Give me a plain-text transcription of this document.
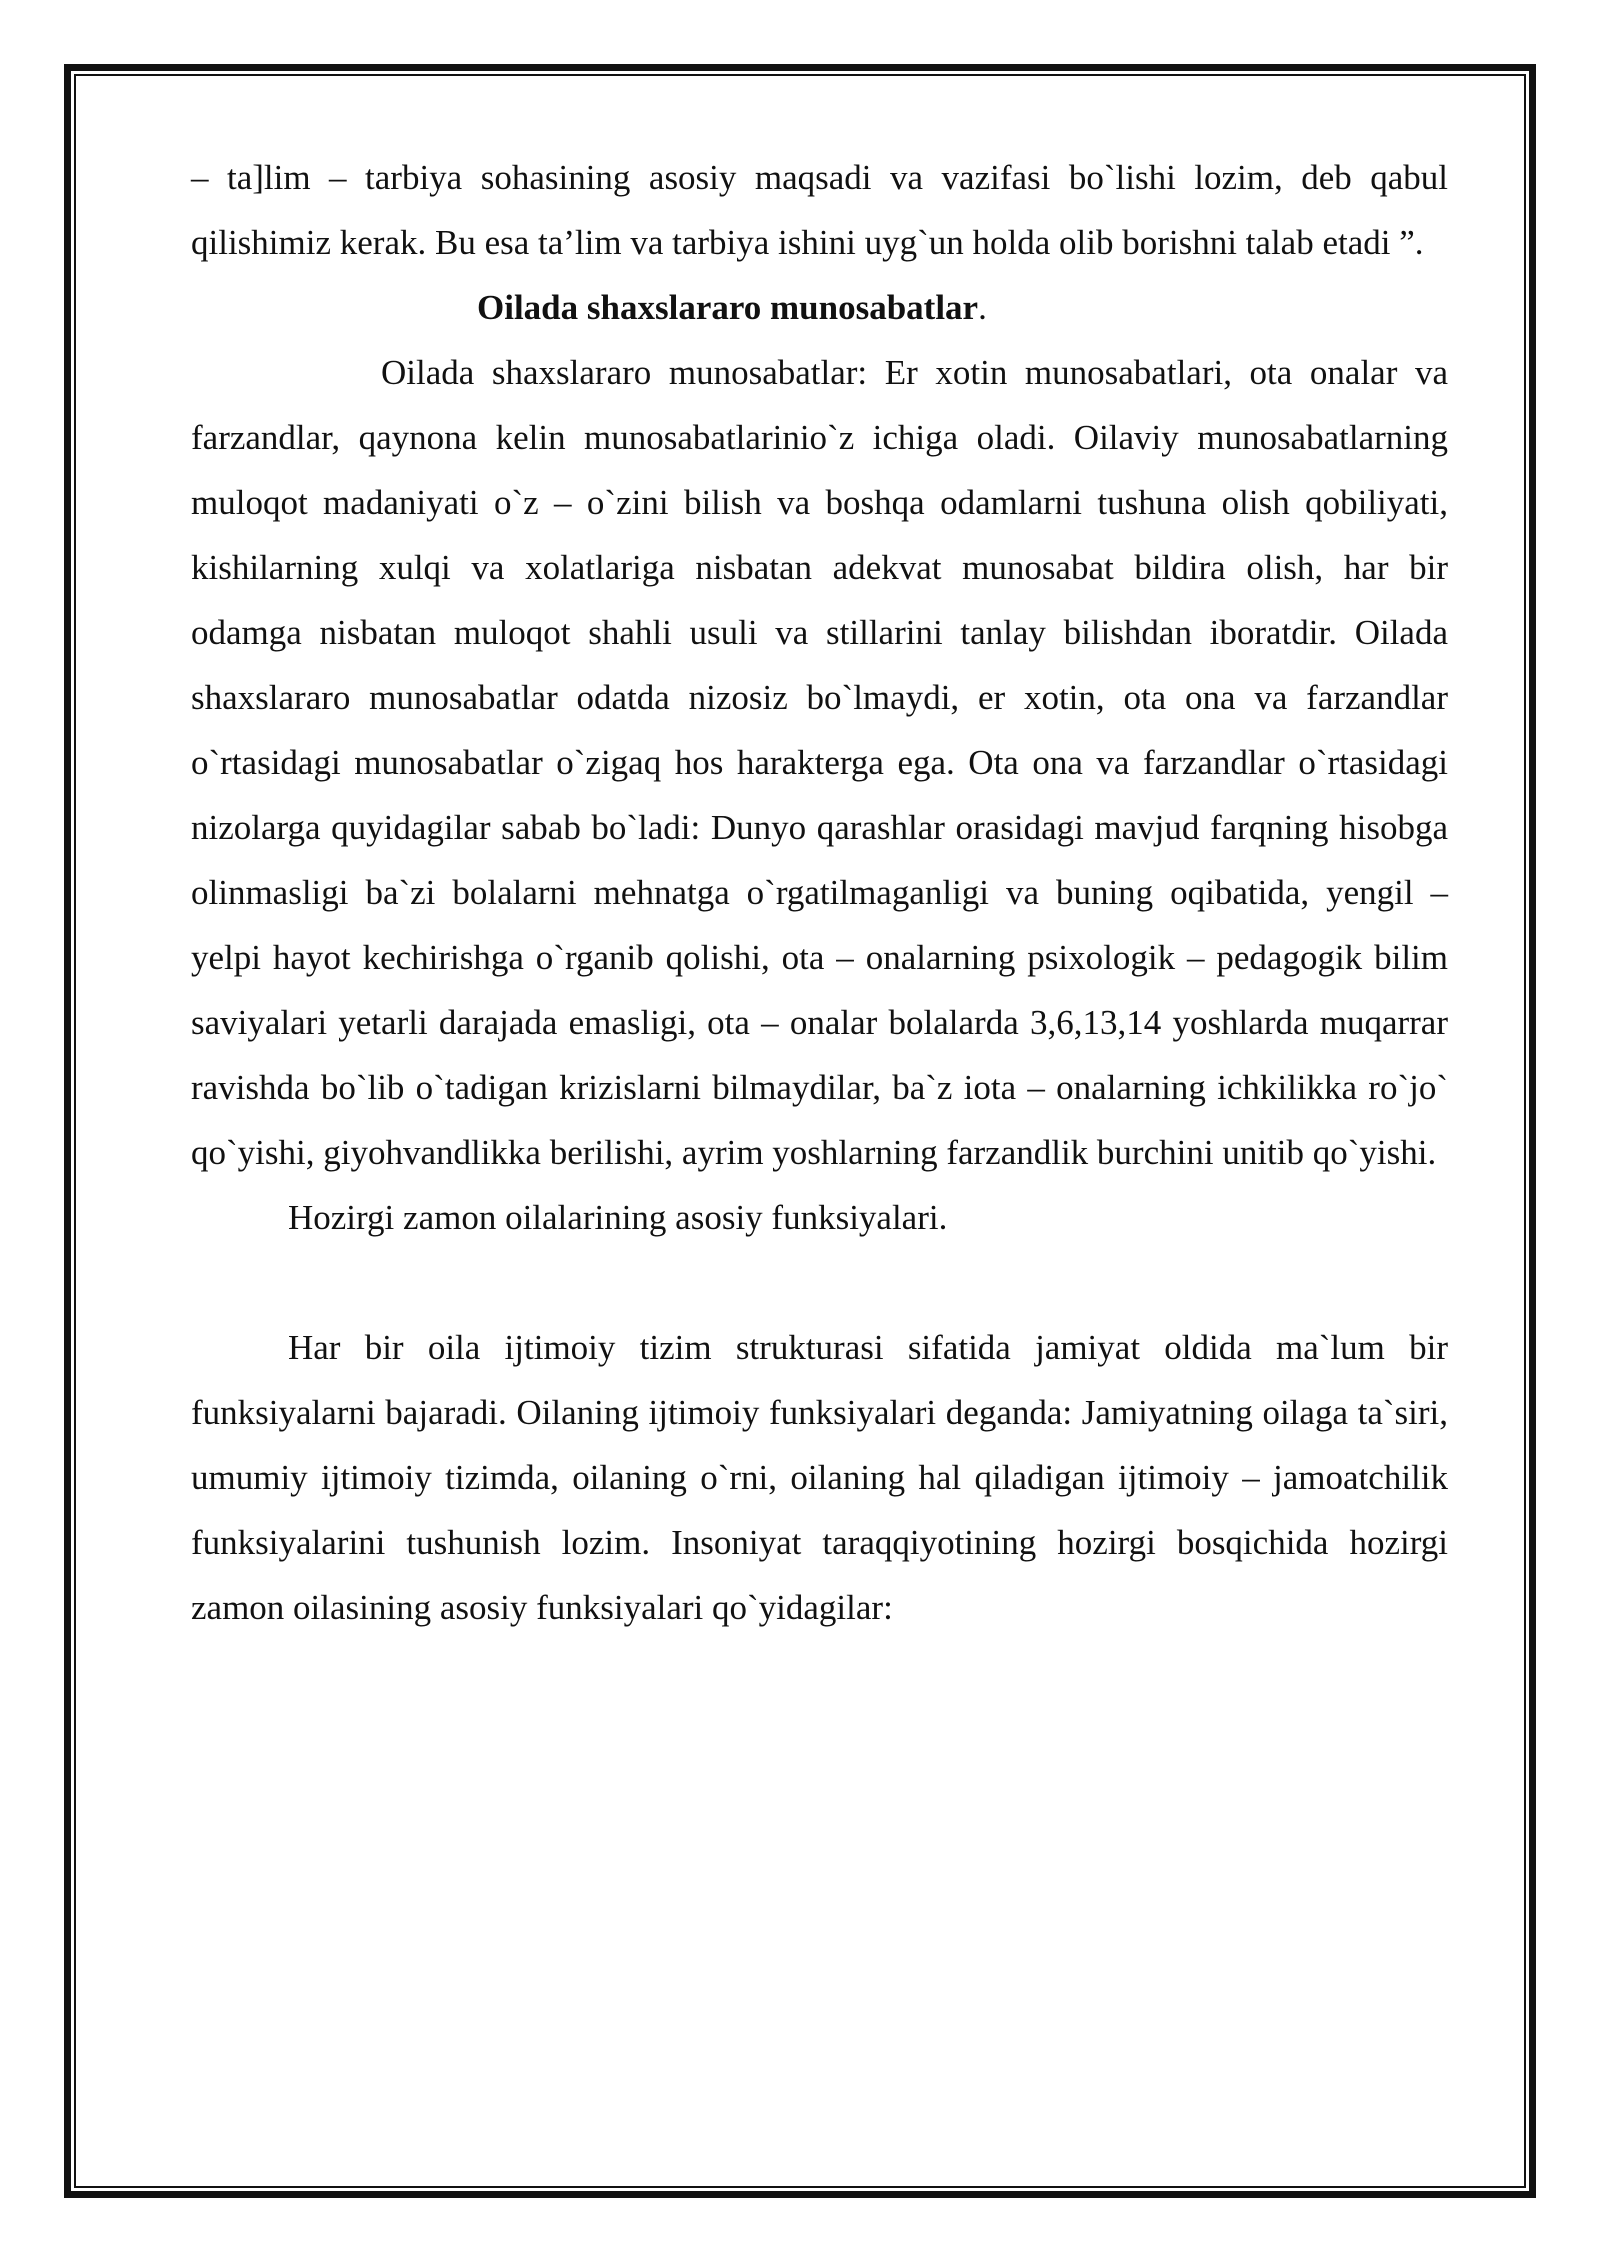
– ta]lim – tarbiya sohasining asosiy maqsadi va vazifasi bo`lishi lozim, deb qabul qilishimiz kerak. Bu esa ta’lim va tarbiya ishini uyg`un holda olib borishni talab etadi ”.

Oilada shaxslararo munosabatlar.

Oilada shaxslararo munosabatlar: Er xotin munosabatlari, ota onalar va farzandlar, qaynona kelin munosabatlarinio`z ichiga oladi. Oilaviy munosabatlarning muloqot madaniyati o`z – o`zini bilish va boshqa odamlarni tushuna olish qobiliyati, kishilarning xulqi va xolatlariga nisbatan adekvat munosabat bildira olish, har bir odamga nisbatan muloqot shahli usuli va stillarini tanlay bilishdan iboratdir. Oilada shaxslararo munosabatlar odatda nizosiz bo`lmaydi, er xotin, ota ona va farzandlar o`rtasidagi munosabatlar o`zigaq hos harakterga ega. Ota ona va farzandlar o`rtasidagi nizolarga quyidagilar sabab bo`ladi: Dunyo qarashlar orasidagi mavjud farqning hisobga olinmasligi ba`zi bolalarni mehnatga o`rgatilmaganligi va buning oqibatida, yengil – yelpi hayot kechirishga o`rganib qolishi, ota – onalarning psixologik – pedagogik bilim saviyalari yetarli darajada emasligi, ota – onalar bolalarda 3,6,13,14 yoshlarda muqarrar ravishda bo`lib o`tadigan krizislarni bilmaydilar, ba`z iota – onalarning ichkilikka ro`jo` qo`yishi, giyohvandlikka berilishi, ayrim yoshlarning farzandlik burchini unitib qo`yishi.

Hozirgi zamon oilalarining asosiy funksiyalari.

Har bir oila ijtimoiy tizim strukturasi sifatida jamiyat oldida ma`lum bir funksiyalarni bajaradi. Oilaning ijtimoiy funksiyalari deganda: Jamiyatning oilaga ta`siri, umumiy ijtimoiy tizimda, oilaning o`rni, oilaning hal qiladigan ijtimoiy – jamoatchilik funksiyalarini tushunish lozim. Insoniyat taraqqiyotining hozirgi bosqichida hozirgi zamon oilasining asosiy funksiyalari qo`yidagilar:
